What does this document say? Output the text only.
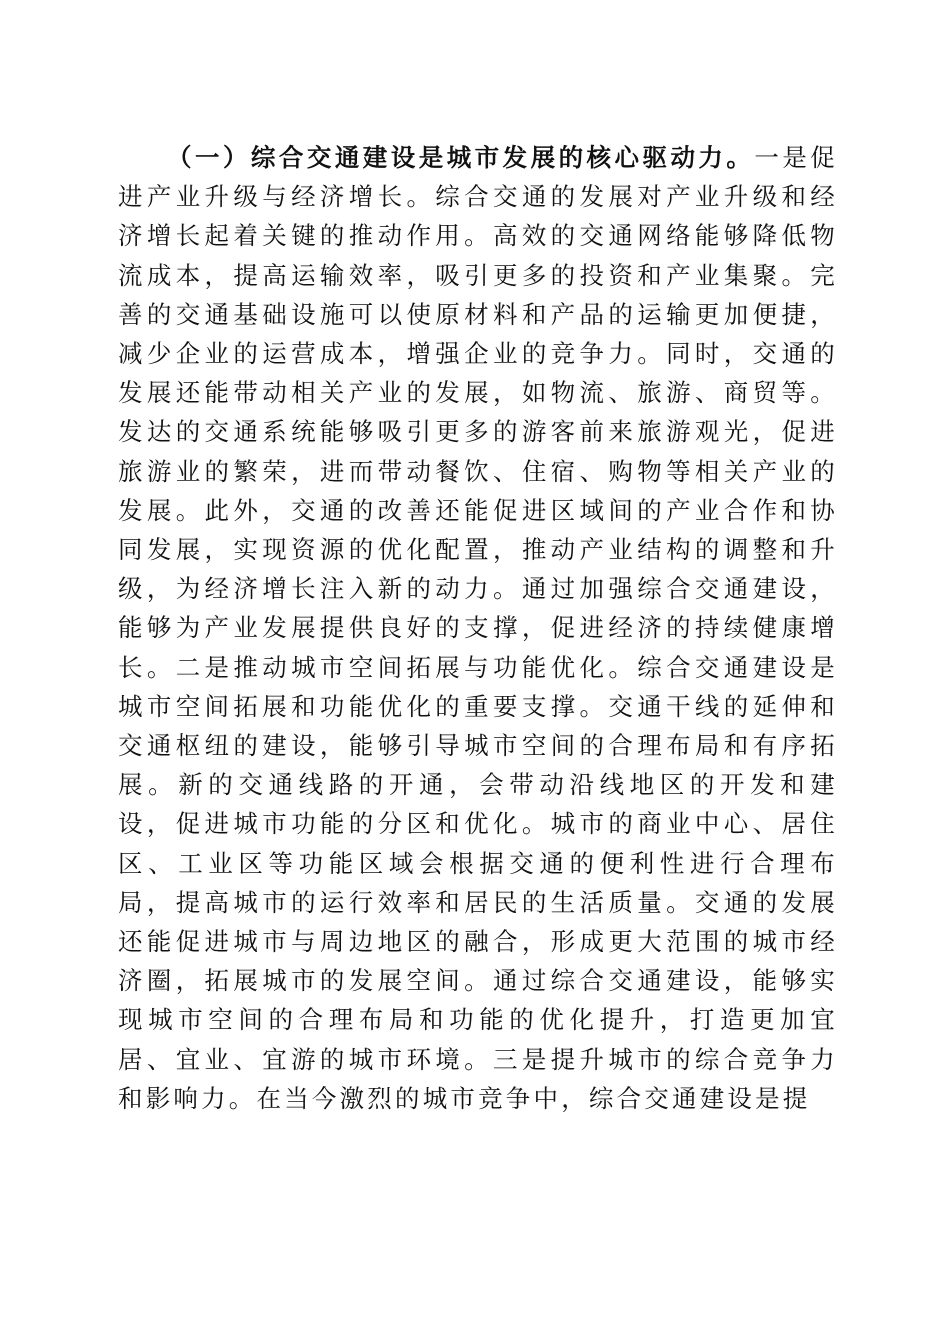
（一）综合交通建设是城市发展的核心驱动力。一是促进产业升级与经济增长。综合交通的发展对产业升级和经济增长起着关键的推动作用。高效的交通网络能够降低物流成本，提高运输效率，吸引更多的投资和产业集聚。完善的交通基础设施可以使原材料和产品的运输更加便捷，减少企业的运营成本，增强企业的竞争力。同时，交通的发展还能带动相关产业的发展，如物流、旅游、商贸等。发达的交通系统能够吸引更多的游客前来旅游观光，促进旅游业的繁荣，进而带动餐饮、住宿、购物等相关产业的发展。此外，交通的改善还能促进区域间的产业合作和协同发展，实现资源的优化配置，推动产业结构的调整和升级，为经济增长注入新的动力。通过加强综合交通建设，能够为产业发展提供良好的支撑，促进经济的持续健康增长。二是推动城市空间拓展与功能优化。综合交通建设是城市空间拓展和功能优化的重要支撑。交通干线的延伸和交通枢纽的建设，能够引导城市空间的合理布局和有序拓展。新的交通线路的开通，会带动沿线地区的开发和建设，促进城市功能的分区和优化。城市的商业中心、居住区、工业区等功能区域会根据交通的便利性进行合理布局，提高城市的运行效率和居民的生活质量。交通的发展还能促进城市与周边地区的融合，形成更大范围的城市经济圈，拓展城市的发展空间。通过综合交通建设，能够实现城市空间的合理布局和功能的优化提升，打造更加宜居、宜业、宜游的城市环境。三是提升城市的综合竞争力和影响力。在当今激烈的城市竞争中，综合交通建设是提
